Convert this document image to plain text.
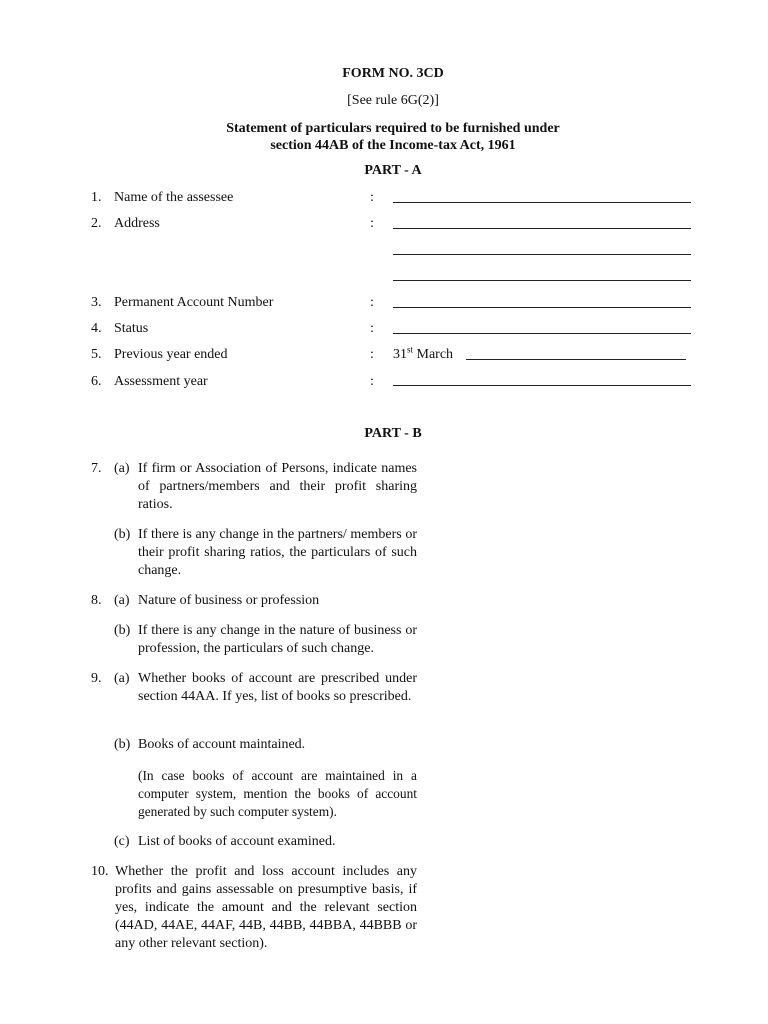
FORM NO. 3CD
[See rule 6G(2)]
Statement of particulars required to be furnished under
section 44AB of the Income-tax Act, 1961
PART - A
1. Name of the assessee	:
2. Address	:
3. Permanent Account Number	:
4. Status	:
5. Previous year ended	: 31st March
6. Assessment year	:
PART - B
7. (a) If firm or Association of Persons, indicate names of partners/members and their profit sharing ratios.
(b) If there is any change in the partners/ members or their profit sharing ratios, the particulars of such change.
8. (a) Nature of business or profession
(b) If there is any change in the nature of business or profession, the particulars of such change.
9. (a) Whether books of account are prescribed under section 44AA. If yes, list of books so prescribed.
(b) Books of account maintained.
(In case books of account are maintained in a computer system, mention the books of account generated by such computer system).
(c) List of books of account examined.
10. Whether the profit and loss account includes any profits and gains assessable on presumptive basis, if yes, indicate the amount and the relevant section (44AD, 44AE, 44AF, 44B, 44BB, 44BBA, 44BBB or any other relevant section).
